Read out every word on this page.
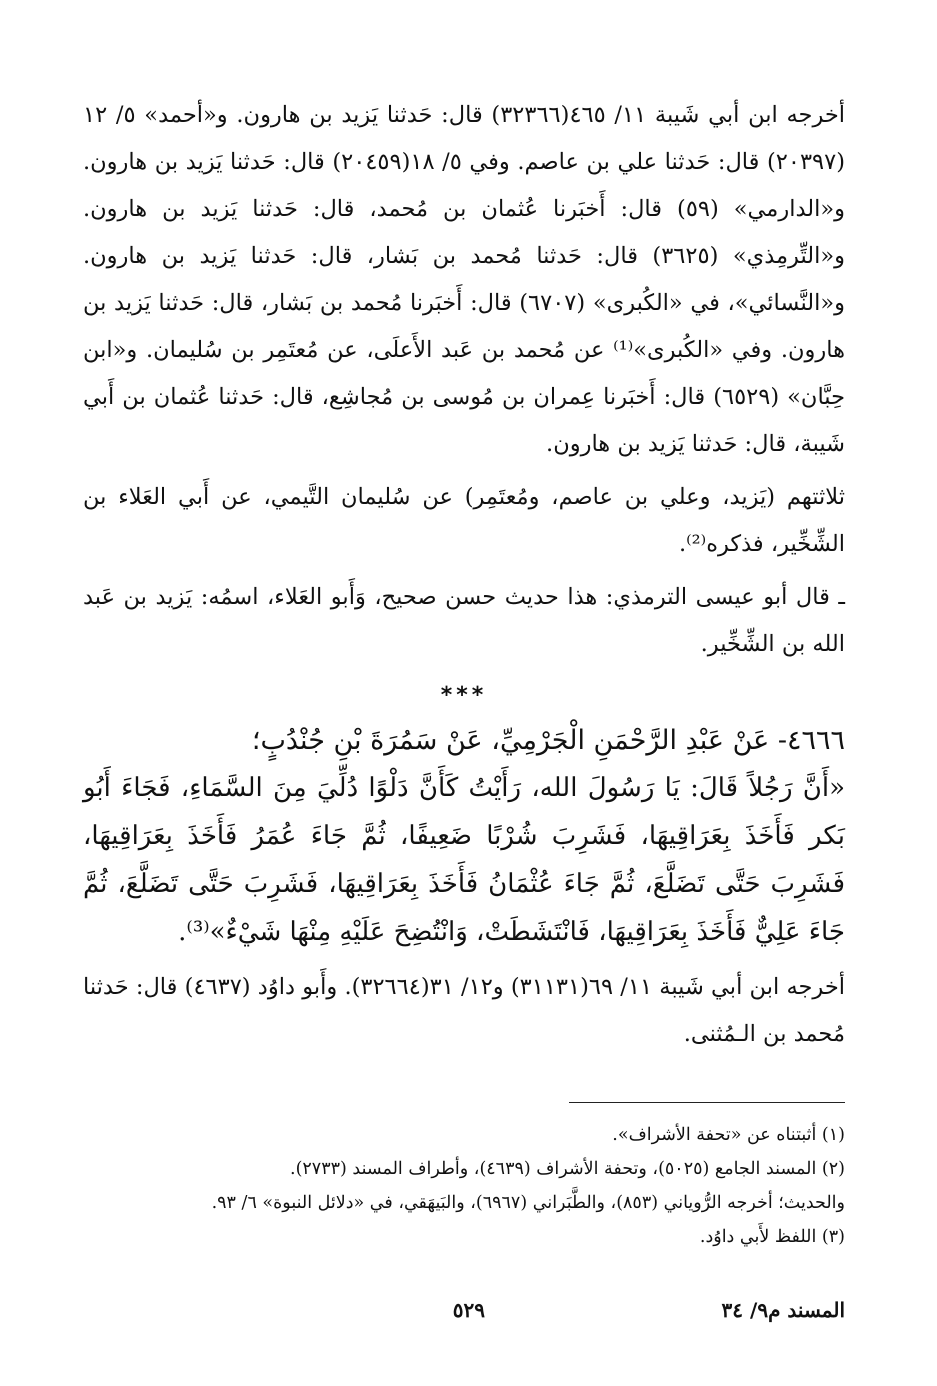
أخرجه ابن أبي شَيبة ١١/ ٤٦٥(٣٢٣٦٦) قال: حَدثنا يَزيد بن هارون. و«أحمد» ٥/ ١٢ (٢٠٣٩٧) قال: حَدثنا علي بن عاصم. وفي ٥/ ١٨(٢٠٤٥٩) قال: حَدثنا يَزيد بن هارون. و«الدارمي» (٥٩) قال: أَخبَرنا عُثمان بن مُحمد، قال: حَدثنا يَزيد بن هارون. و«التِّرمِذي» (٣٦٢٥) قال: حَدثنا مُحمد بن بَشار، قال: حَدثنا يَزيد بن هارون. و«النَّسائي»، في «الكُبرى» (٦٧٠٧) قال: أَخبَرنا مُحمد بن بَشار، قال: حَدثنا يَزيد بن هارون. وفي «الكُبرى»⁽¹⁾ عن مُحمد بن عَبد الأَعلَى، عن مُعتَمِر بن سُليمان. و«ابن حِبَّان» (٦٥٢٩) قال: أَخبَرنا عِمران بن مُوسى بن مُجاشِع، قال: حَدثنا عُثمان بن أَبي شَيبة، قال: حَدثنا يَزيد بن هارون.

ثلاثتهم (يَزيد، وعلي بن عاصم، ومُعتَمِر) عن سُليمان التَّيمي، عن أَبي العَلاء بن الشِّخِّير، فذكره⁽²⁾.

ـ قال أبو عيسى الترمذي: هذا حديث حسن صحيح، وَأَبو العَلاء، اسمُه: يَزيد بن عَبد الله بن الشِّخِّير.

***

٤٦٦٦- عَنْ عَبْدِ الرَّحْمَنِ الْجَرْمِيِّ، عَنْ سَمُرَةَ بْنِ جُنْدُبٍ؛

«أَنَّ رَجُلاً قَالَ: يَا رَسُولَ الله، رَأَيْتُ كَأَنَّ دَلْوًا دُلِّيَ مِنَ السَّمَاءِ، فَجَاءَ أَبُو بَكر فَأَخَذَ بِعَرَاقِيهَا، فَشَرِبَ شُرْبًا ضَعِيفًا، ثُمَّ جَاءَ عُمَرُ فَأَخَذَ بِعَرَاقِيهَا، فَشَرِبَ حَتَّى تَضَلَّعَ، ثُمَّ جَاءَ عُثْمَانُ فَأَخَذَ بِعَرَاقِيهَا، فَشَرِبَ حَتَّى تَضَلَّعَ، ثُمَّ جَاءَ عَلِيٌّ فَأَخَذَ بِعَرَاقِيهَا، فَانْتَشَطَتْ، وَانْتُضِحَ عَلَيْهِ مِنْهَا شَيْءٌ»⁽³⁾.

أخرجه ابن أبي شَيبة ١١/ ٦٩(٣١١٣١) و١٢/ ٣١(٣٢٦٦٤). وأَبو داوُد (٤٦٣٧) قال: حَدثنا مُحمد بن الـمُثنى.

(١) أثبتناه عن «تحفة الأشراف».

(٢) المسند الجامع (٥٠٢٥)، وتحفة الأشراف (٤٦٣٩)، وأطراف المسند (٢٧٣٣).

والحديث؛ أخرجه الرُّوياني (٨٥٣)، والطَّبَراني (٦٩٦٧)، والبَيهَقي، في «دلائل النبوة» ٦/ ٩٣.

(٣) اللفظ لأَبي داوُد.

المسند م٩/ ٣٤
٥٢٩
